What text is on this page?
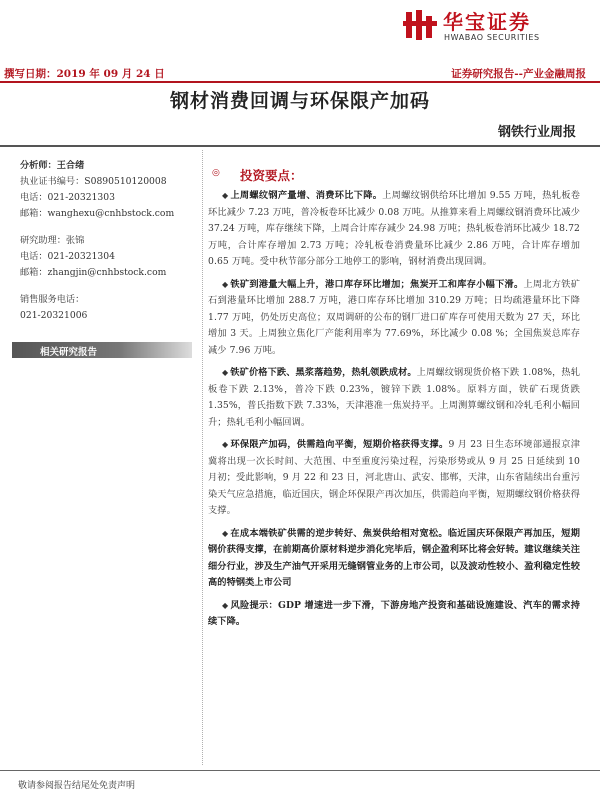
华宝证券
HWABAO SECURITIES
撰写日期：2019 年 09 月 24 日	证券研究报告--产业金融周报
钢材消费回调与环保限产加码
钢铁行业周报
分析师：王合绪
执业证书编号：S0890510120008
电话：021-20321303
邮箱：wanghexu@cnhbstock.com
研究助理：张锦
电话：021-20321304
邮箱：zhangjin@cnhbstock.com
销售服务电话：
021-20321006
相关研究报告
◎ 投资要点：

◆ 上周螺纹钢产量增、消费环比下降。上周螺纹钢供给环比增加 9.55 万吨，热轧板卷环比减少 7.23 万吨，普冷板卷环比减少 0.08 万吨。从推算来看上周螺纹钢消费环比减少 37.24 万吨，库存继续下降，上周合计库存减少 24.98 万吨；热轧板卷消环比减少 18.72 万吨，合计库存增加 2.73 万吨；冷轧板卷消费量环比减少 2.86 万吨，合计库存增加 0.65 万吨。受中秋节部分部分工地停工的影响，钢材消费出现回调。

◆ 铁矿到港量大幅上升，港口库存环比增加；焦炭开工和库存小幅下滑。上周北方铁矿石到港量环比增加 288.7 万吨，港口库存环比增加 310.29 万吨；日均疏港量环比下降 1.77 万吨，仍处历史高位；双周调研的公布的钢厂进口矿库存可使用天数为 27 天，环比增加 3 天。上周独立焦化厂产能利用率为 77.69%，环比减少 0.08 %；全国焦炭总库存减少 7.96 万吨。

◆ 铁矿价格下跌、黑浆落趋势，热轧领跌成材。上周螺纹钢现货价格下跌 1.08%，热轧板卷下跌 2.13%，普冷下跌 0.23%，镀锌下跌 1.08%。原料方面，铁矿石现货跌 1.35%，普氏指数下跌 7.33%，天津港准一焦炭持平。上周测算螺纹钢和冷轧毛利小幅回升；热轧毛利小幅回调。

◆ 环保限产加码，供需趋向平衡，短期价格获得支撑。9 月 23 日生态环境部通报京津冀将出现一次长时间、大范围、中至重度污染过程，污染形势或从 9 月 25 日延续到 10 月初；受此影响，9 月 22 和 23 日，河北唐山、武安、邯郸，天津，山东省陆续出台重污染天气应急措施，临近国庆，钢企环保限产再次加压，供需趋向平衡，短期螺纹钢价格获得支撑。

◆ 在成本端铁矿供需的逆步转好、焦炭供给相对宽松。临近国庆环保限产再加压，短期钢价获得支撑，在前期高价原材料逆步消化完毕后，钢企盈利环比将会好转。建议继续关注细分行业，涉及生产油气开采用无缝钢管业务的上市公司，以及波动性较小、盈利稳定性较高的特钢类上市公司

◆ 风险提示：GDP 增速进一步下滑，下游房地产投资和基础设施建设、汽车的需求持续下降。

敬请参阅报告结尾处免责声明
